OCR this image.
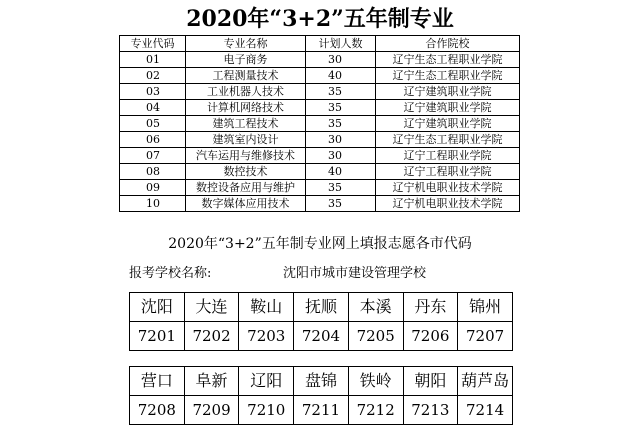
2020年“3+2”五年制专业
专业代码	专业名称	计划人数	合作院校
01	电子商务	30	辽宁生态工程职业学院
02	工程测量技术	40	辽宁生态工程职业学院
03	工业机器人技术	35	辽宁建筑职业学院
04	计算机网络技术	35	辽宁建筑职业学院
05	建筑工程技术	35	辽宁建筑职业学院
06	建筑室内设计	30	辽宁生态工程职业学院
07	汽车运用与维修技术	30	辽宁工程职业学院
08	数控技术	40	辽宁工程职业学院
09	数控设备应用与维护	35	辽宁机电职业技术学院
10	数字媒体应用技术	35	辽宁机电职业技术学院
2020年“3+2”五年制专业网上填报志愿各市代码
报考学校名称:	沈阳市城市建设管理学校
沈阳	大连	鞍山	抚顺	本溪	丹东	锦州
7201	7202	7203	7204	7205	7206	7207
营口	阜新	辽阳	盘锦	铁岭	朝阳	葫芦岛
7208	7209	7210	7211	7212	7213	7214
